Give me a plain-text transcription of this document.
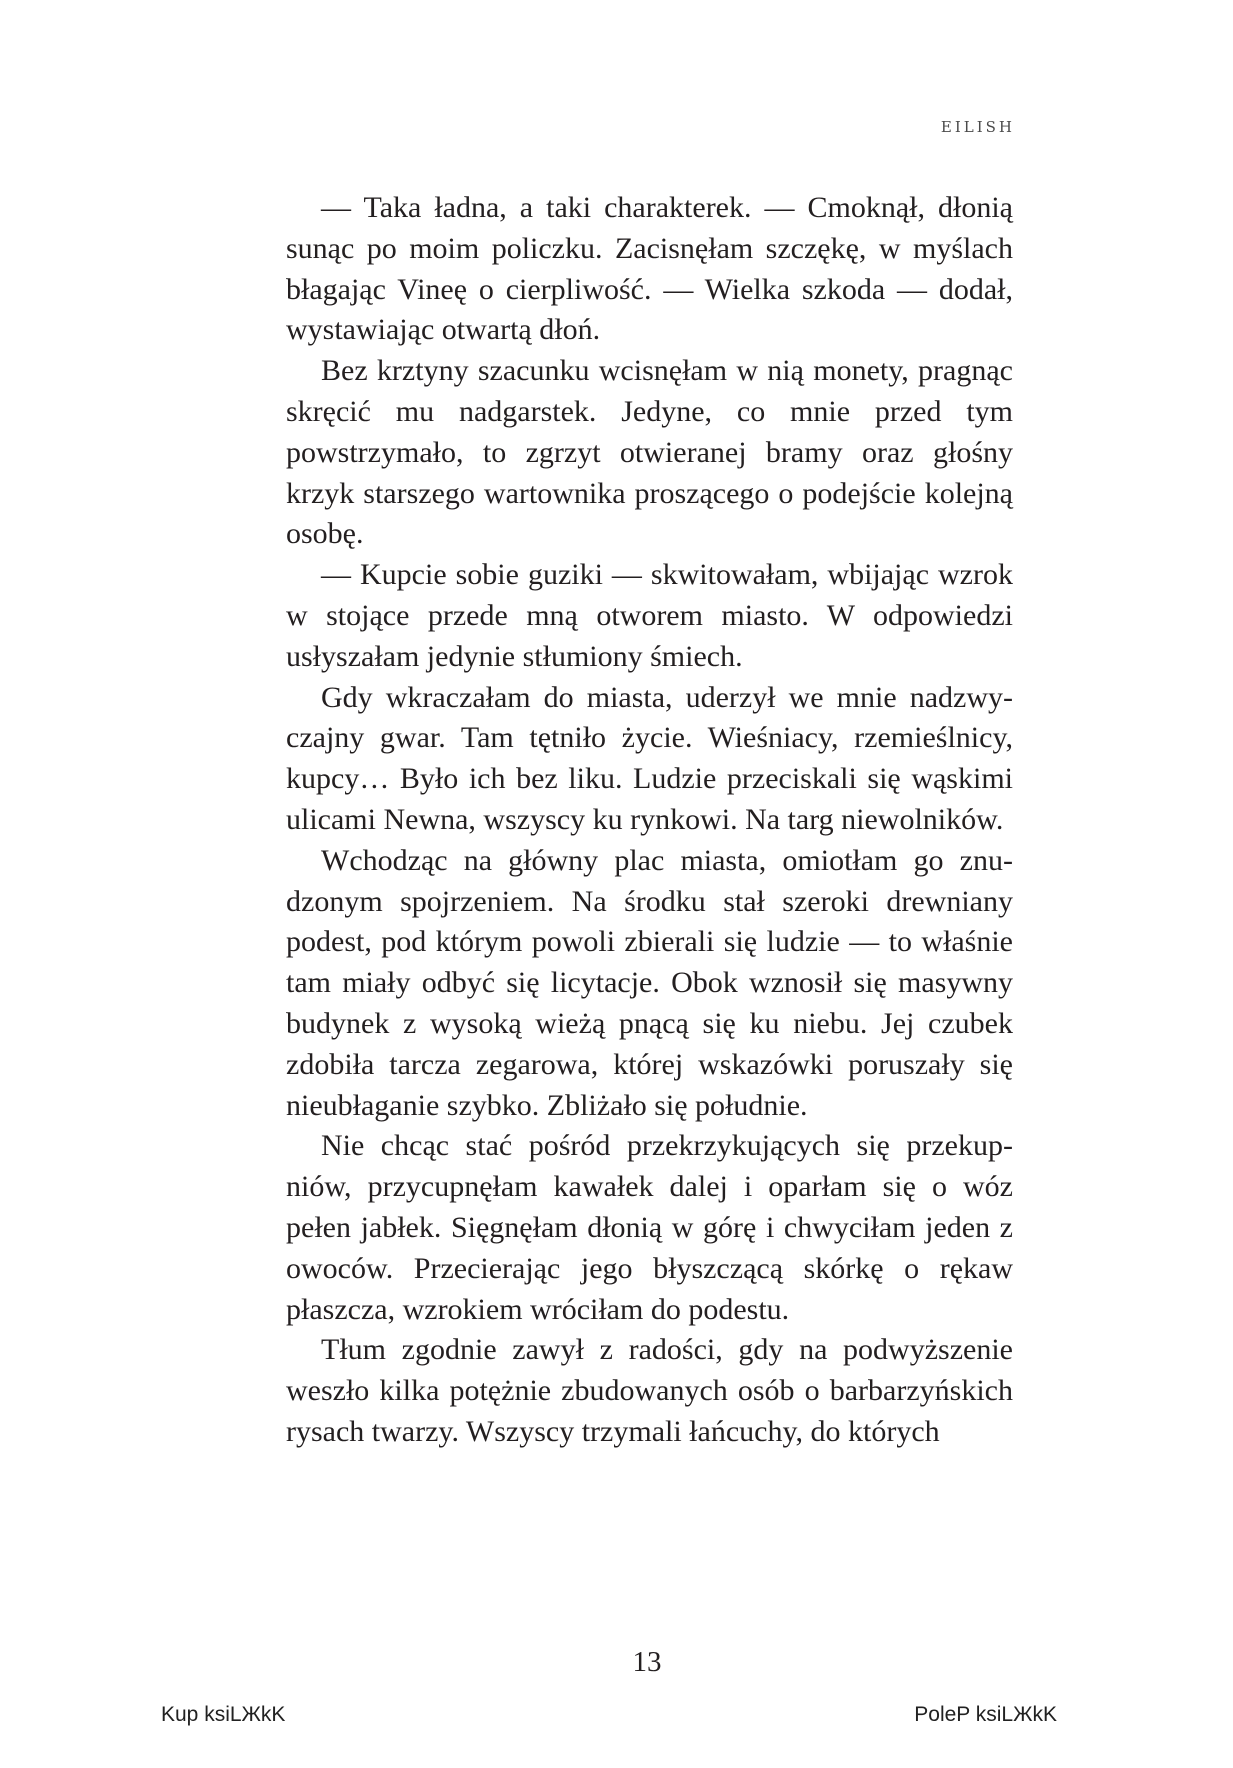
EILISH

— Taka ładna, a taki charakterek. — Cmoknął, dłonią sunąc po moim policzku. Zacisnęłam szczękę, w myślach błagając Vineę o cierpliwość. — Wielka szkoda — dodał, wystawiając otwartą dłoń.

Bez krztyny szacunku wcisnęłam w nią monety, pragnąc skręcić mu nadgarstek. Jedyne, co mnie przed tym powstrzymało, to zgrzyt otwieranej bramy oraz głośny krzyk starszego wartownika proszącego o podejście kolejną osobę.

— Kupcie sobie guziki — skwitowałam, wbijając wzrok w stojące przede mną otworem miasto. W odpowiedzi usłyszałam jedynie stłumiony śmiech.

Gdy wkraczałam do miasta, uderzył we mnie nadzwyczajny gwar. Tam tętniło życie. Wieśniacy, rzemieślnicy, kupcy… Było ich bez liku. Ludzie przeciskali się wąskimi ulicami Newna, wszyscy ku rynkowi. Na targ niewolników.

Wchodząc na główny plac miasta, omiotłam go znudzonym spojrzeniem. Na środku stał szeroki drewniany podest, pod którym powoli zbierali się ludzie — to właśnie tam miały odbyć się licytacje. Obok wznosił się masywny budynek z wysoką wieżą pnącą się ku niebu. Jej czubek zdobiła tarcza zegarowa, której wskazówki poruszały się nieubłaganie szybko. Zbliżało się południe.

Nie chcąc stać pośród przekrzykujących się przekupniów, przycupnęłam kawałek dalej i oparłam się o wóz pełen jabłek. Sięgnęłam dłonią w górę i chwyciłam jeden z owoców. Przecierając jego błyszczącą skórkę o rękaw płaszcza, wzrokiem wróciłam do podestu.

Tłum zgodnie zawył z radości, gdy na podwyższenie weszło kilka potężnie zbudowanych osób o barbarzyńskich rysach twarzy. Wszyscy trzymali łańcuchy, do których

13
Kup ksiLЖkK	PoleP ksiLЖkK
